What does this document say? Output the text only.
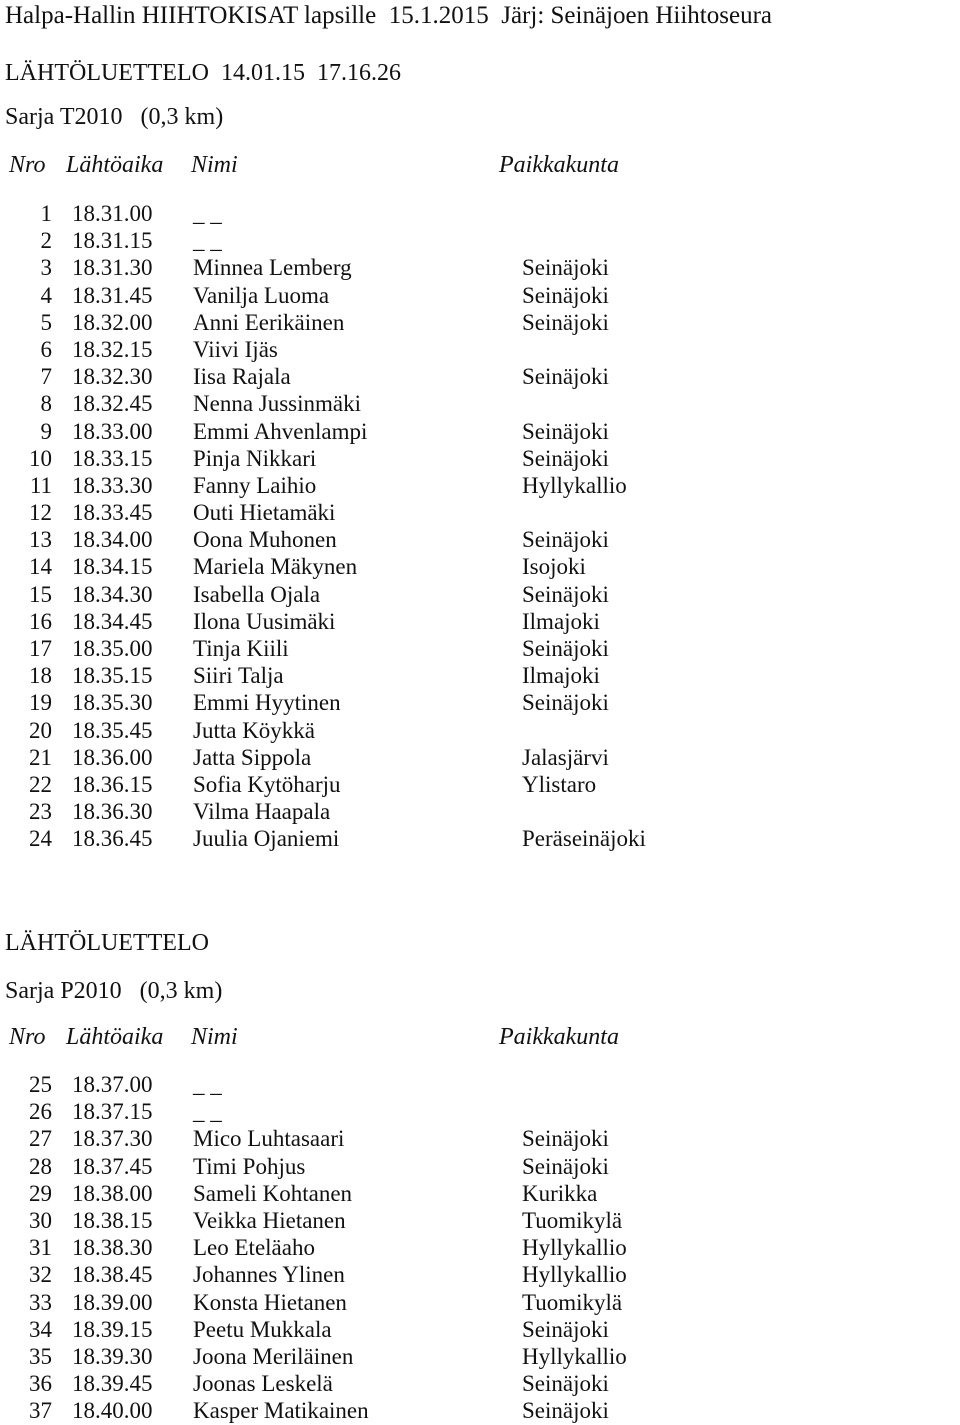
Halpa-Hallin HIIHTOKISAT lapsille  15.1.2015  Järj: Seinäjoen Hiihtoseura
LÄHTÖLUETTELO  14.01.15  17.16.26
Sarja T2010   (0,3 km)
Nro Lähtöaika Nimi	Paikkakunta
1 18.31.00 _ _
2 18.31.15 _ _
3 18.31.30 Minnea Lemberg	Seinäjoki
4 18.31.45 Vanilja Luoma	Seinäjoki
5 18.32.00 Anni Eerikäinen	Seinäjoki
6 18.32.15 Viivi Ijäs
7 18.32.30 Iisa Rajala	Seinäjoki
8 18.32.45 Nenna Jussinmäki
9 18.33.00 Emmi Ahvenlampi	Seinäjoki
10 18.33.15 Pinja Nikkari	Seinäjoki
11 18.33.30 Fanny Laihio	Hyllykallio
12 18.33.45 Outi Hietamäki
13 18.34.00 Oona Muhonen	Seinäjoki
14 18.34.15 Mariela Mäkynen	Isojoki
15 18.34.30 Isabella Ojala	Seinäjoki
16 18.34.45 Ilona Uusimäki	Ilmajoki
17 18.35.00 Tinja Kiili	Seinäjoki
18 18.35.15 Siiri Talja	Ilmajoki
19 18.35.30 Emmi Hyytinen	Seinäjoki
20 18.35.45 Jutta Köykkä
21 18.36.00 Jatta Sippola	Jalasjärvi
22 18.36.15 Sofia Kytöharju	Ylistaro
23 18.36.30 Vilma Haapala
24 18.36.45 Juulia Ojaniemi	Peräseinäjoki
LÄHTÖLUETTELO
Sarja P2010   (0,3 km)
Nro Lähtöaika Nimi	Paikkakunta
25 18.37.00 _ _
26 18.37.15 _ _
27 18.37.30 Mico Luhtasaari	Seinäjoki
28 18.37.45 Timi Pohjus	Seinäjoki
29 18.38.00 Sameli Kohtanen	Kurikka
30 18.38.15 Veikka Hietanen	Tuomikylä
31 18.38.30 Leo Eteläaho	Hyllykallio
32 18.38.45 Johannes Ylinen	Hyllykallio
33 18.39.00 Konsta Hietanen	Tuomikylä
34 18.39.15 Peetu Mukkala	Seinäjoki
35 18.39.30 Joona Meriläinen	Hyllykallio
36 18.39.45 Joonas Leskelä	Seinäjoki
37 18.40.00 Kasper Matikainen	Seinäjoki
